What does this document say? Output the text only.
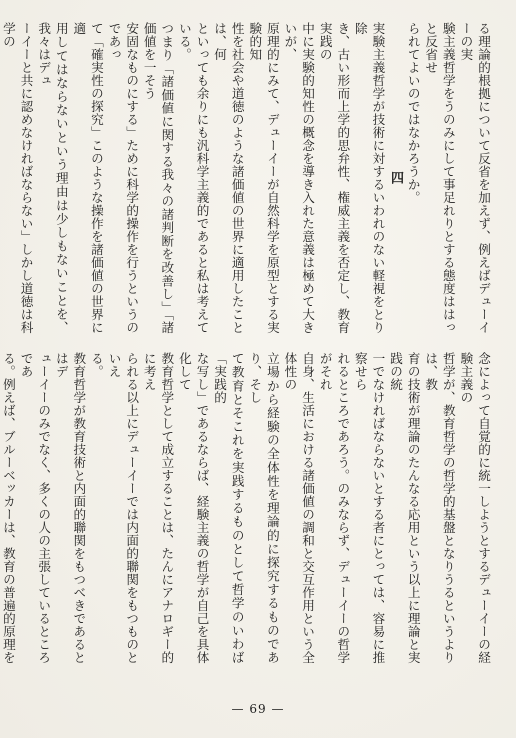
る理論的根拠について反省を加えず、例えばデューイーの実
験主義哲学をうのみにして事足れりとする態度ははっと反省せ
られてよいのではなかろうか。
四
実験主義哲学が技術に対するいわれのない軽視をとり除
き、古い形而上学的思弁性、権威主義を否定し、教育実践の
中に実験的知性の概念を導き入れた意義は極めて大きいが、
原理的にみて、デューイーが自然科学を原型とする実験的知
性を社会や道徳のような諸価値の世界に適用したことは、何
といっても余りにも汎科学主義的であると私は考えている。
つまり「諸価値に関する我々の諸判断を改善し」「諸価値を一そう
安固なものにする」ために科学的操作を行うというのであっ
て「確実性の探究」このような操作を諸価値の世界に適
用してはならないという理由は少しもないことを、我々はデュ
ーイーと共に認めなければならない」しかし道徳は科学の
念によって自覚的に統一しようとするデューイーの経験主義の
哲学が、教育哲学の哲学的基盤となりうるというよりは、教
育の技術が理論のたんなる応用という以上に理論と実践の統
一でなければならないとする者にとっては、容易に推察せら
れるところであろう。のみならず、デューイーの哲学がそれ
自身、生活における諸価値の調和と交互作用という全体性の
立場から経験の全体性を理論的に探究するものであり、そし
て教育とそこれを実践するものとして哲学のいわば「実践的
な写し」であるならば、経験主義の哲学が自己を具体化して
教育哲学として成立することは、たんにアナロギー的に考え
られる以上にデューイーでは内面的聯関をもつものといえ
る。
教育哲学が教育技術と内面的聯関をもつべきであるとはデ
ューイーのみでなく、多くの人の主張しているところであ
る。例えば、ブルーベッカーは、教育の普遍的原理を
— 69 —
